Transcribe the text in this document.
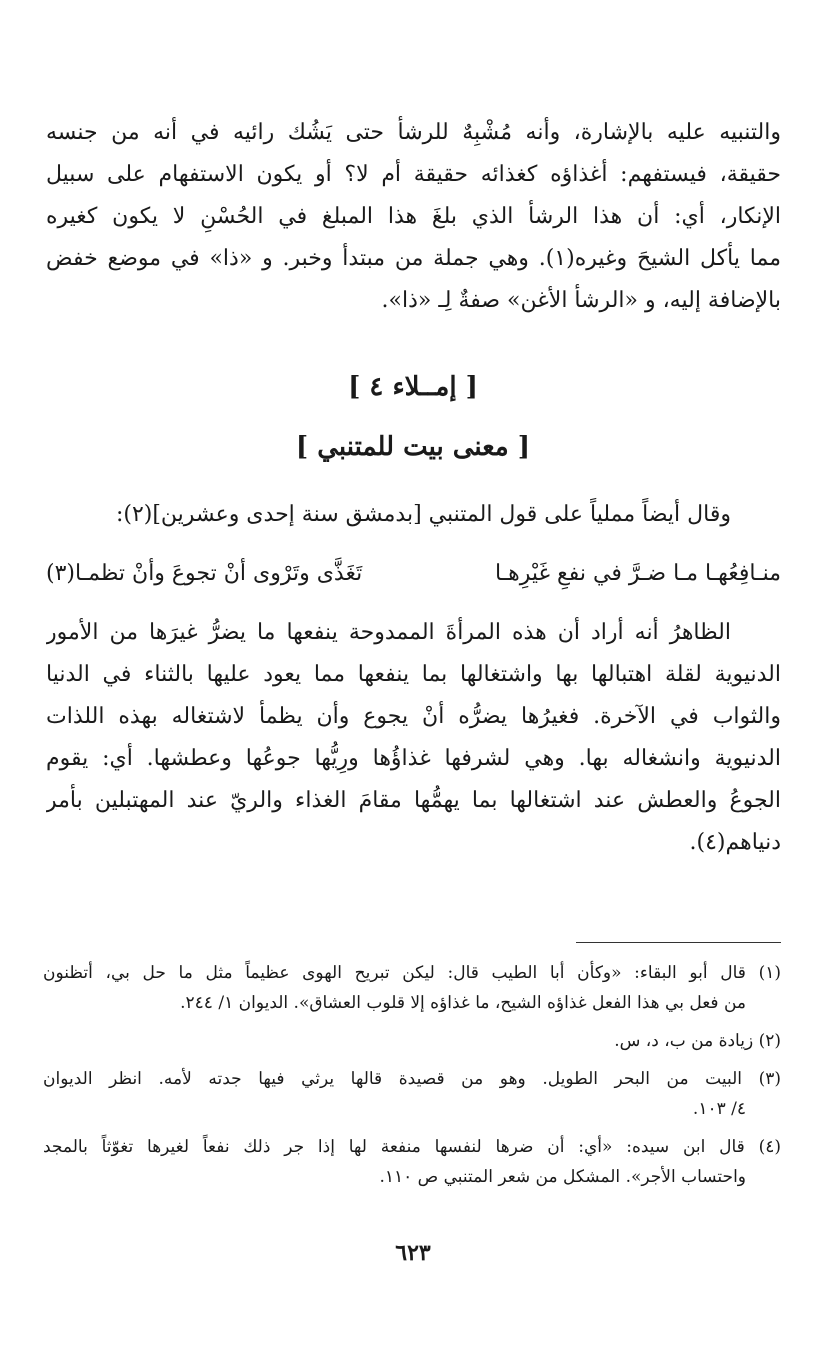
والتنبيه عليه بالإشارة، وأنه مُشْبِهٌ للرشأ حتى يَشُك رائيه في أنه من جنسه
حقيقة، فيستفهم: أغذاؤه كغذائه حقيقة أم لا؟ أو يكون الاستفهام على سبيل
الإنكار، أي: أن هذا الرشأ الذي بلغَ هذا المبلغ في الحُسْنِ لا يكون كغيره
مما يأكل الشيحَ وغيره(١). وهي جملة من مبتدأ وخبر. و «ذا» في موضع خفض
بالإضافة إليه، و «الرشأ الأغن» صفةٌ لِـ «ذا».
[ إمــلاء ٤ ]
[ معنى بيت للمتنبي ]
وقال أيضاً مملياً على قول المتنبي [بدمشق سنة إحدى وعشرين](٢):
منـافِعُهـا مـا ضـرَّ في نفعِ غَيْرِهـا
تَغَذَّى وتَرْوى أنْ تجوعَ وأنْ تظمـا(٣)
الظاهرُ أنه أراد أن هذه المرأةَ الممدوحة ينفعها ما يضرُّ غيرَها من الأمور
الدنيوية لقلة اهتبالها بها واشتغالها بما ينفعها مما يعود عليها بالثناء في الدنيا
والثواب في الآخرة. فغيرُها يضرُّه أنْ يجوع وأن يظمأ لاشتغاله بهذه اللذات
الدنيوية وانشغاله بها. وهي لشرفها غذاؤُها ورِيُّها جوعُها وعطشها. أي: يقوم
الجوعُ والعطش عند اشتغالها بما يهمُّها مقامَ الغذاء والريّ عند المهتبلين بأمر
دنياهم(٤).
(١) قال أبو البقاء: «وكأن أبا الطيب قال: ليكن تبريح الهوى عظيماً مثل ما حل بي، أتظنون
من فعل بي هذا الفعل غذاؤه الشيح، ما غذاؤه إلا قلوب العشاق». الديوان ١/ ٢٤٤.
(٢) زيادة من ب، د، س.
(٣) البيت من البحر الطويل. وهو من قصيدة قالها يرثي فيها جدته لأمه. انظر الديوان
٤/ ١٠٣.
(٤) قال ابن سيده: «أي: أن ضرها لنفسها منفعة لها إذا جر ذلك نفعاً لغيرها تغوّثاً بالمجد
واحتساب الأجر». المشكل من شعر المتنبي ص ١١٠.
٦٢٣
